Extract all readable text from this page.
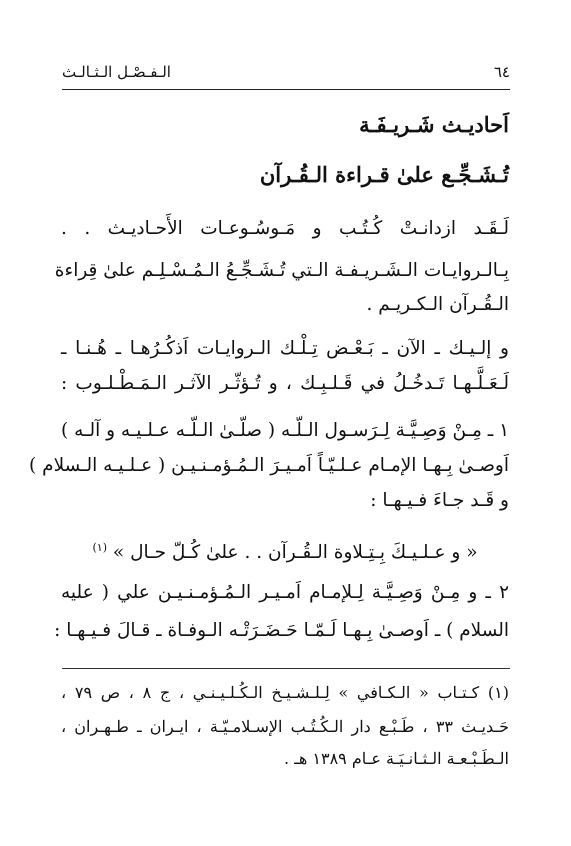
٦٤
الـفـصْـل الـثـالـث
اَحاديـث شَـريـفَـة
تُـشَـجِّـع علىٰ قـراءة الـقُـرآن
لَـقَـد ازدانـتْ كُـتُـب و مَـوسُـوعـات الأَحـاديـث . .
بِـالـروايـات الـشَـريـفـة الـتي تُـشَـجِّـعُ الـمُـسْـلِـم علىٰ قِراءة
الـقُـرآن الـكـريـم .
و إلـيـك ـ الآن ـ بَـعْـض تِـلْـك الـروايـات اَذكُـرُهـا ـ هُـنـا ـ
لَـعَـلَّـهـا تَـدخُـلُ في قَـلـبِـك ، و تُـؤثّـر الآثـر الـمَـطْـلـوب :
١ ـ مِـنْ وَصِـيَّـة لِـرَسـول الـلّـه ( صلّـىٰ الـلّـه عـلـيـه و آلـه )
اَوصـىٰ بِـهـا الإمـام عـلـيّـاً اَمـيـرَ الـمُـؤمـنـيـن ( عـلـيـه الـسلام )
و قَـد جـاءَ فـيـهـا :
« و عـلـيـكَ بِـتِـلاوة الـقُـرآن . . علىٰ كُـلّ حـال » $^{(١)}$
٢ ـ و مِـنْ وَصِـيَّـة لِـلإمـام اَمـيـر الـمُـؤمـنـيـن علي ( عليه
السلام ) ـ اَوصـىٰ بِـهـا لَـمّـا حَـضَـرَتْـه الـوفـاة ـ قـالَ فـيـهـا :
(١) كـتـاب « الـكـافي » لِـلـشـيـخ الـكُـلـيـنـي ، ج ٨ ، ص ٧٩ ،
حَـديـث ٣٣ ، طَـبْـع دار الـكُـتُـب الإسـلامـيّـة ، ايـران ـ طـهـران ،
الـطَـبْـعـة الـثـانـيَـة عـام ١٣٨٩ هـ .
